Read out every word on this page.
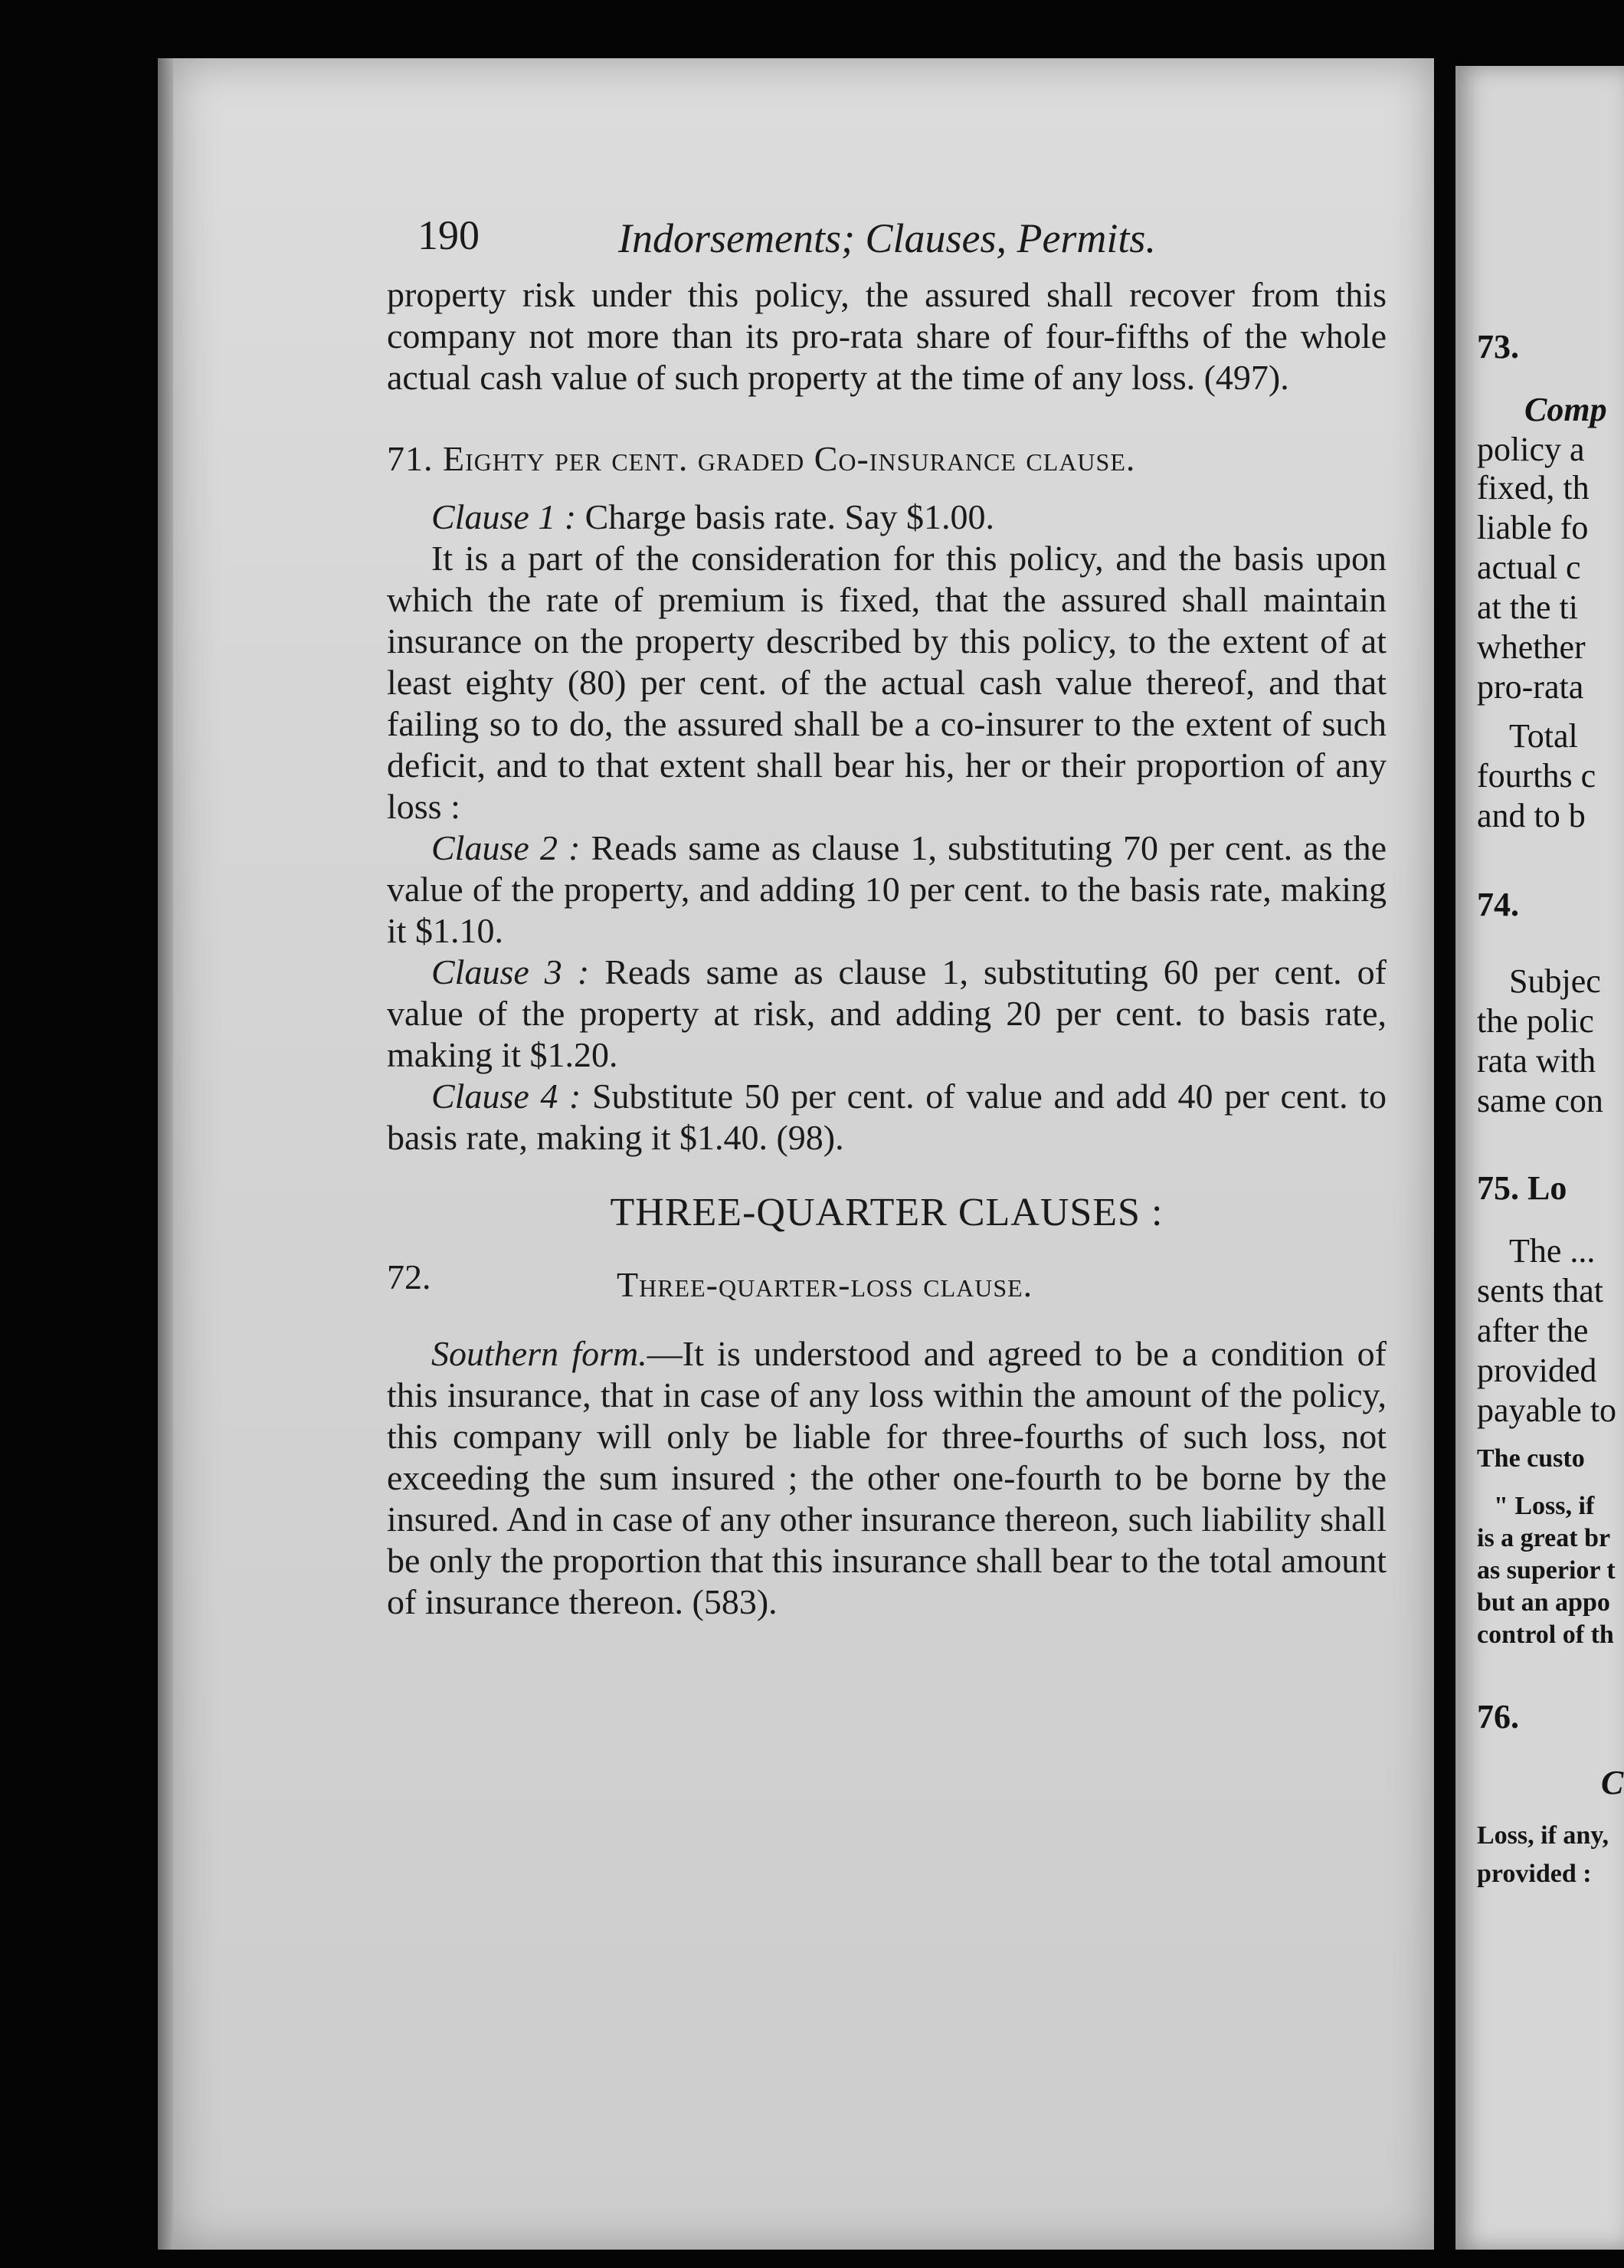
190	Indorsements; Clauses, Permits.

property risk under this policy, the assured shall recover from this company not more than its pro-rata share of four-fifths of the whole actual cash value of such property at the time of any loss. (497).

71. Eighty per cent. graded Co-insurance clause.

Clause 1 : Charge basis rate. Say $1.00.

It is a part of the consideration for this policy, and the basis upon which the rate of premium is fixed, that the assured shall maintain insurance on the property described by this policy, to the extent of at least eighty (80) per cent. of the actual cash value thereof, and that failing so to do, the assured shall be a co-insurer to the extent of such deficit, and to that extent shall bear his, her or their proportion of any loss :

Clause 2 : Reads same as clause 1, substituting 70 per cent. as the value of the property, and adding 10 per cent. to the basis rate, making it $1.10.

Clause 3 : Reads same as clause 1, substituting 60 per cent. of value of the property at risk, and adding 20 per cent. to basis rate, making it $1.20.

Clause 4 : Substitute 50 per cent. of value and add 40 per cent. to basis rate, making it $1.40. (98).

THREE-QUARTER CLAUSES :
72.	Three-quarter-loss clause.

Southern form.—It is understood and agreed to be a condition of this insurance, that in case of any loss within the amount of the policy, this company will only be liable for three-fourths of such loss, not exceeding the sum insured ; the other one-fourth to be borne by the insured. And in case of any other insurance thereon, such liability shall be only the proportion that this insurance shall bear to the total amount of insurance thereon. (583).

73.
Comp
policy a
fixed, th
liable fo
actual c
at the ti
whether
pro-rata
Total
fourths c
and to b
74.
Subjec
the polic
rata with
same con
75. Lo
The ...
sents that
after the
provided
payable to
The custo
" Loss, if
is a great br
as superior t
but an appo
control of th
76.
C
Loss, if any,
provided :
